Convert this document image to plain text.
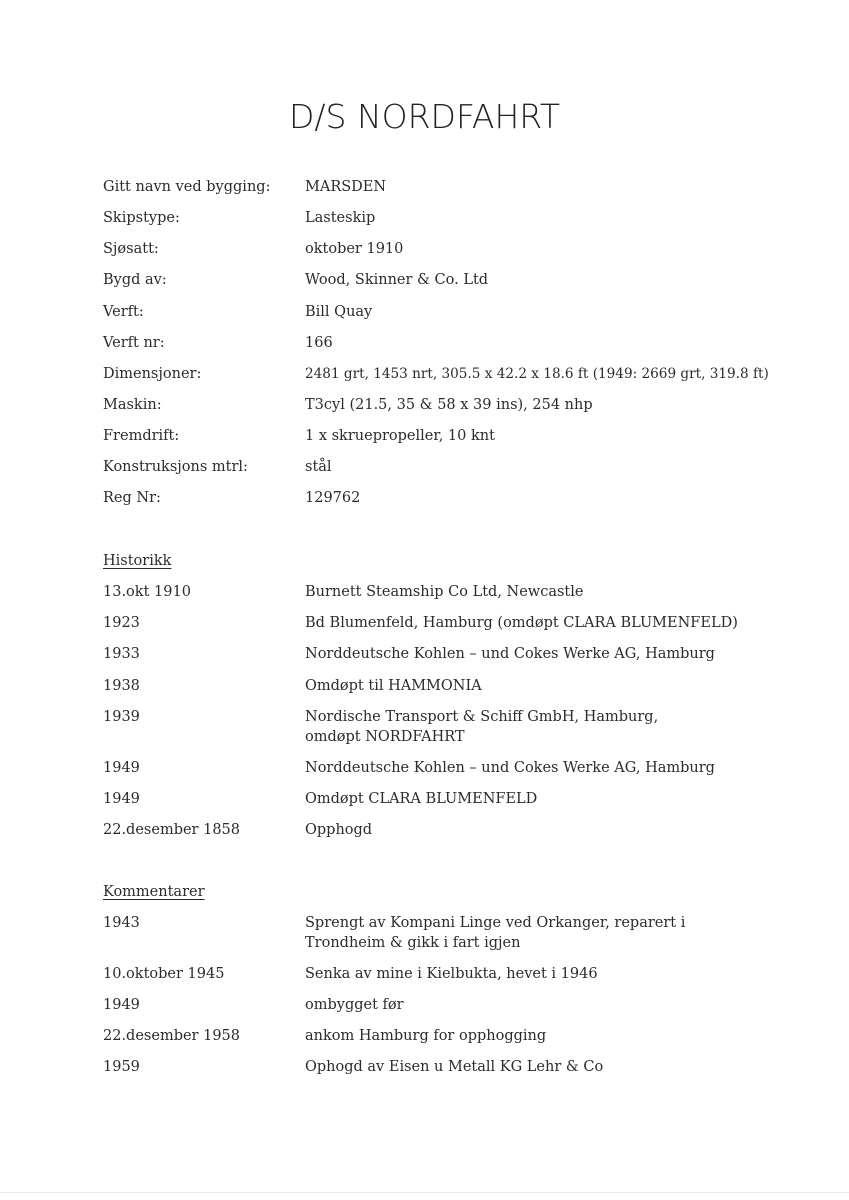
D/S NORDFAHRT
Gitt navn ved bygging:	MARSDEN
Skipstype:	Lasteskip
Sjøsatt:	oktober 1910
Bygd av:	Wood, Skinner & Co. Ltd
Verft:	Bill Quay
Verft nr:	166
Dimensjoner:	2481 grt, 1453 nrt, 305.5 x 42.2 x 18.6 ft (1949: 2669 grt, 319.8 ft)
Maskin:	T3cyl (21.5, 35 & 58 x 39 ins), 254 nhp
Fremdrift:	1 x skruepropeller, 10 knt
Konstruksjons mtrl:	stål
Reg Nr:	129762
Historikk
13.okt 1910	Burnett Steamship Co Ltd, Newcastle
1923	Bd Blumenfeld, Hamburg (omdøpt CLARA BLUMENFELD)
1933	Norddeutsche Kohlen – und Cokes Werke AG, Hamburg
1938	Omdøpt til HAMMONIA
1939	Nordische Transport & Schiff GmbH, Hamburg, omdøpt NORDFAHRT
1949	Norddeutsche Kohlen – und Cokes Werke AG, Hamburg
1949	Omdøpt CLARA BLUMENFELD
22.desember 1858	Opphogd
Kommentarer
1943	Sprengt av Kompani Linge ved Orkanger, reparert i Trondheim & gikk i fart igjen
10.oktober 1945	Senka av mine i Kielbukta, hevet i 1946
1949	ombygget før
22.desember 1958	ankom Hamburg for opphogging
1959	Ophogd av Eisen u Metall KG Lehr & Co
